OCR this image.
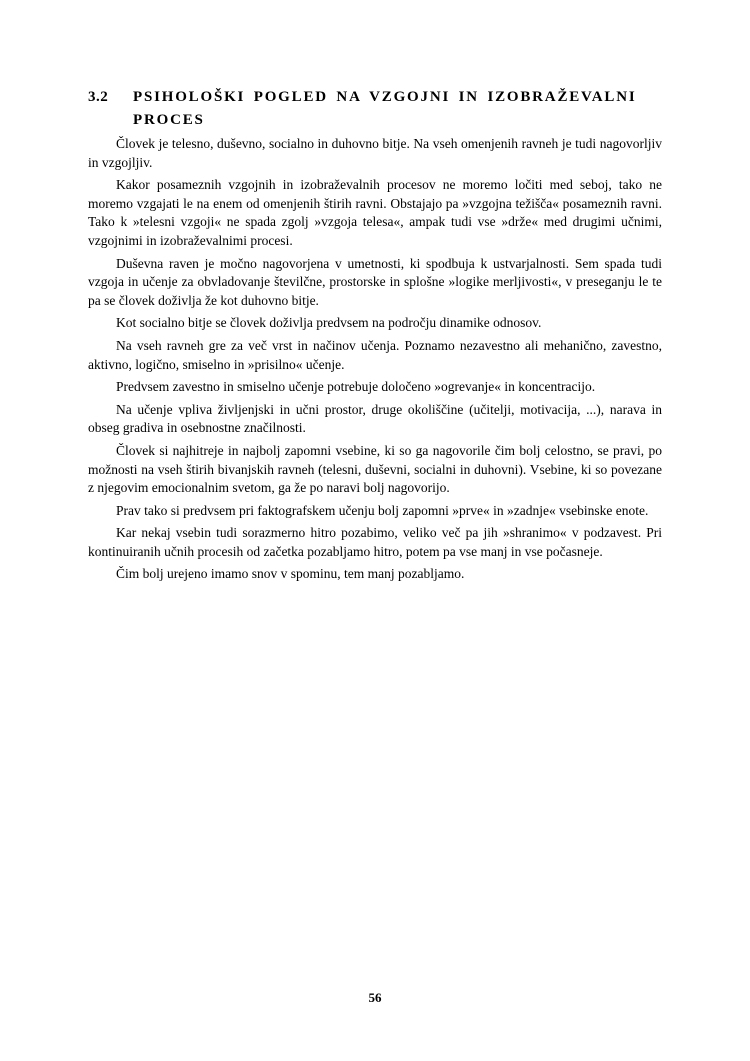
3.2	PSIHOLOŠKI POGLED NA VZGOJNI IN IZOBRAŽEVALNI PROCES

Človek je telesno, duševno, socialno in duhovno bitje. Na vseh omenjenih ravneh je tudi nagovorljiv in vzgojljiv.

Kakor posameznih vzgojnih in izobraževalnih procesov ne moremo ločiti med seboj, tako ne moremo vzgajati le na enem od omenjenih štirih ravni. Obstajajo pa »vzgojna težišča« posameznih ravni. Tako k »telesni vzgoji« ne spada zgolj »vzgoja telesa«, ampak tudi vse »drže« med drugimi učnimi, vzgojnimi in izobraževalnimi procesi.

Duševna raven je močno nagovorjena v umetnosti, ki spodbuja k ustvarjalnosti. Sem spada tudi vzgoja in učenje za obvladovanje številčne, prostorske in splošne »logike merljivosti«, v preseganju le te pa se človek doživlja že kot duhovno bitje.

Kot socialno bitje se človek doživlja predvsem na področju dinamike odnosov.

Na vseh ravneh gre za več vrst in načinov učenja. Poznamo nezavestno ali mehanično, zavestno, aktivno, logično, smiselno in »prisilno« učenje.

Predvsem zavestno in smiselno učenje potrebuje določeno »ogrevanje« in koncentracijo.

Na učenje vpliva življenjski in učni prostor, druge okoliščine (učitelji, motivacija, ...), narava in obseg gradiva in osebnostne značilnosti.

Človek si najhitreje in najbolj zapomni vsebine, ki so ga nagovorile čim bolj celostno, se pravi, po možnosti na vseh štirih bivanjskih ravneh (telesni, duševni, socialni in duhovni). Vsebine, ki so povezane z njegovim emocionalnim svetom, ga že po naravi bolj nagovorijo.

Prav tako si predvsem pri faktografskem učenju bolj zapomni »prve« in »zadnje« vsebinske enote.

Kar nekaj vsebin tudi sorazmerno hitro pozabimo, veliko več pa jih »shranimo« v podzavest. Pri kontinuiranih učnih procesih od začetka pozabljamo hitro, potem pa vse manj in vse počasneje.

Čim bolj urejeno imamo snov v spominu, tem manj pozabljamo.

56
